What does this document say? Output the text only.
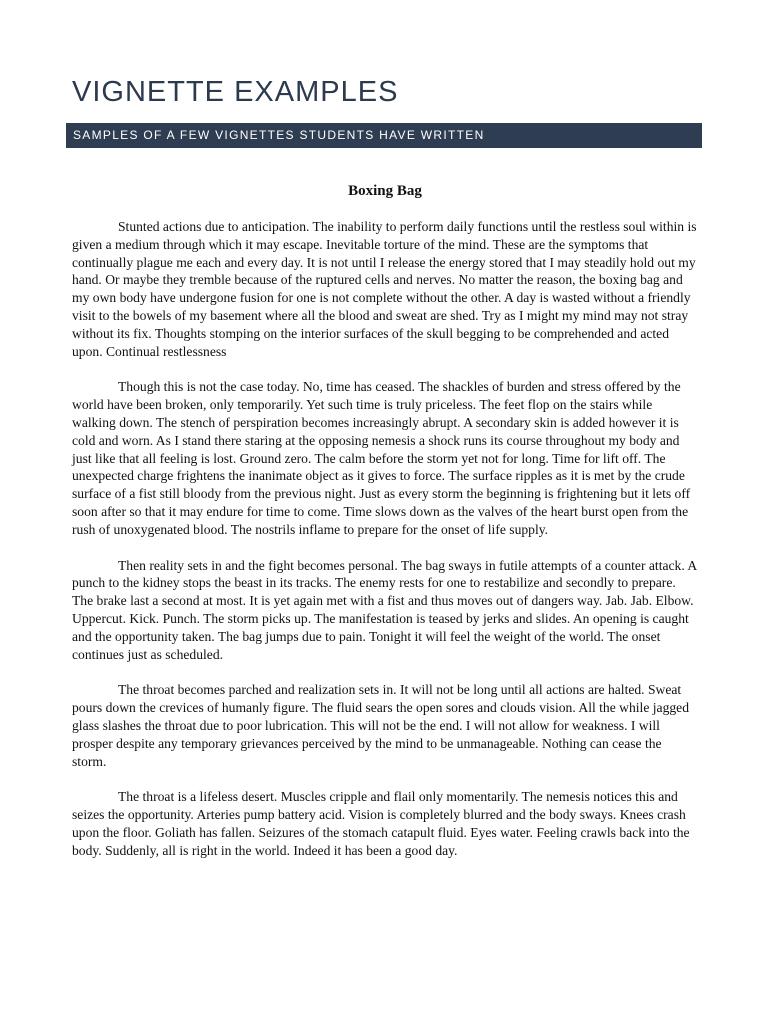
VIGNETTE EXAMPLES
SAMPLES OF A FEW VIGNETTES STUDENTS HAVE WRITTEN
Boxing Bag

Stunted actions due to anticipation. The inability to perform daily functions until the restless soul within is given a medium through which it may escape. Inevitable torture of the mind. These are the symptoms that continually plague me each and every day. It is not until I release the energy stored that I may steadily hold out my hand. Or maybe they tremble because of the ruptured cells and nerves. No matter the reason, the boxing bag and my own body have undergone fusion for one is not complete without the other. A day is wasted without a friendly visit to the bowels of my basement where all the blood and sweat are shed. Try as I might my mind may not stray without its fix. Thoughts stomping on the interior surfaces of the skull begging to be comprehended and acted upon. Continual restlessness

Though this is not the case today. No, time has ceased. The shackles of burden and stress offered by the world have been broken, only temporarily. Yet such time is truly priceless. The feet flop on the stairs while walking down. The stench of perspiration becomes increasingly abrupt. A secondary skin is added however it is cold and worn. As I stand there staring at the opposing nemesis a shock runs its course throughout my body and just like that all feeling is lost. Ground zero. The calm before the storm yet not for long. Time for lift off. The unexpected charge frightens the inanimate object as it gives to force. The surface ripples as it is met by the crude surface of a fist still bloody from the previous night. Just as every storm the beginning is frightening but it lets off soon after so that it may endure for time to come. Time slows down as the valves of the heart burst open from the rush of unoxygenated blood. The nostrils inflame to prepare for the onset of life supply.

Then reality sets in and the fight becomes personal. The bag sways in futile attempts of a counter attack. A punch to the kidney stops the beast in its tracks. The enemy rests for one to restabilize and secondly to prepare. The brake last a second at most. It is yet again met with a fist and thus moves out of dangers way. Jab. Jab. Elbow. Uppercut. Kick. Punch. The storm picks up. The manifestation is teased by jerks and slides. An opening is caught and the opportunity taken. The bag jumps due to pain. Tonight it will feel the weight of the world. The onset continues just as scheduled.

The throat becomes parched and realization sets in. It will not be long until all actions are halted. Sweat pours down the crevices of humanly figure. The fluid sears the open sores and clouds vision. All the while jagged glass slashes the throat due to poor lubrication. This will not be the end. I will not allow for weakness. I will prosper despite any temporary grievances perceived by the mind to be unmanageable. Nothing can cease the storm.

The throat is a lifeless desert. Muscles cripple and flail only momentarily. The nemesis notices this and seizes the opportunity. Arteries pump battery acid. Vision is completely blurred and the body sways. Knees crash upon the floor. Goliath has fallen. Seizures of the stomach catapult fluid. Eyes water. Feeling crawls back into the body. Suddenly, all is right in the world. Indeed it has been a good day.
